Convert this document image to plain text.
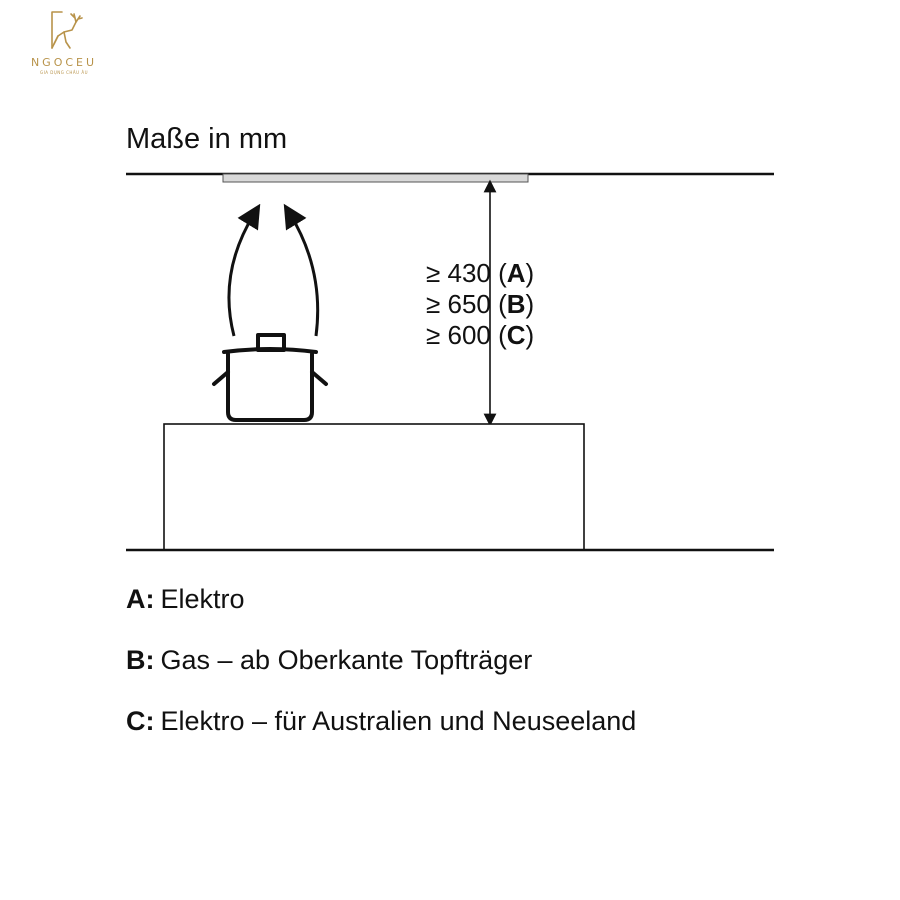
NGOCEU
GIA DỤNG CHÂU ÂU
Maße in mm
≥ 430 (A)
≥ 650 (B)
≥ 600 (C)
A: Elektro
B: Gas – ab Oberkante Topfträger
C: Elektro – für Australien und Neuseeland
